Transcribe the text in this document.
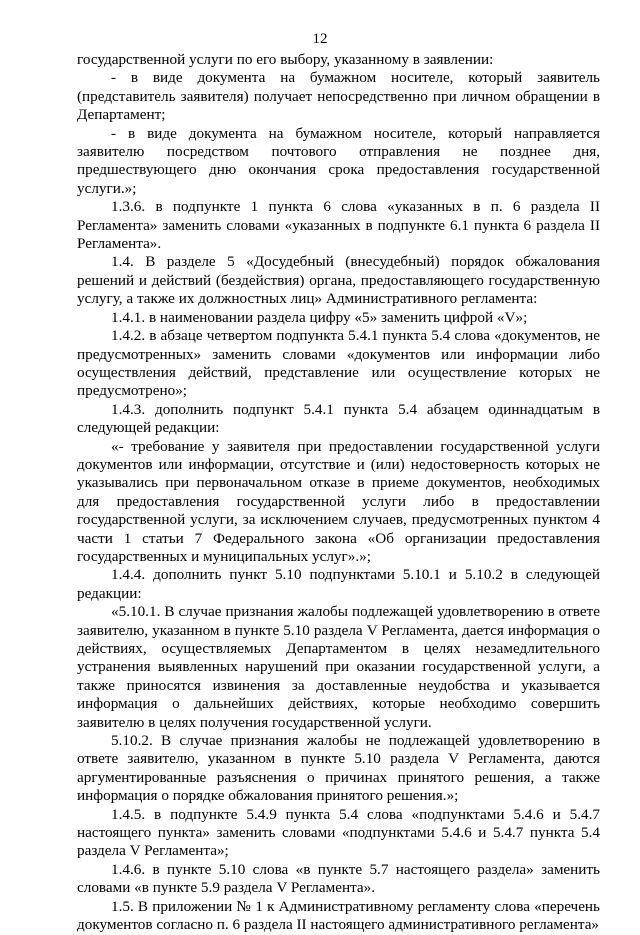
12

государственной услуги по его выбору, указанному в заявлении:

- в виде документа на бумажном носителе, который заявитель (представитель заявителя) получает непосредственно при личном обращении в Департамент;

- в виде документа на бумажном носителе, который направляется заявителю посредством почтового отправления не позднее дня, предшествующего дню окончания срока предоставления государственной услуги.»;

1.3.6. в подпункте 1 пункта 6 слова «указанных в п. 6 раздела II Регламента» заменить словами «указанных в подпункте 6.1 пункта 6 раздела II Регламента».

1.4. В разделе 5 «Досудебный (внесудебный) порядок обжалования решений и действий (бездействия) органа, предоставляющего государственную услугу, а также их должностных лиц» Административного регламента:

1.4.1. в наименовании раздела цифру «5» заменить цифрой «V»;

1.4.2. в абзаце четвертом подпункта 5.4.1 пункта 5.4 слова «документов, не предусмотренных» заменить словами «документов или информации либо осуществления действий, представление или осуществление которых не предусмотрено»;

1.4.3. дополнить подпункт 5.4.1 пункта 5.4 абзацем одиннадцатым в следующей редакции:

«- требование у заявителя при предоставлении государственной услуги документов или информации, отсутствие и (или) недостоверность которых не указывались при первоначальном отказе в приеме документов, необходимых для предоставления государственной услуги либо в предоставлении государственной услуги, за исключением случаев, предусмотренных пунктом 4 части 1 статьи 7 Федерального закона «Об организации предоставления государственных и муниципальных услуг».»;

1.4.4. дополнить пункт 5.10 подпунктами 5.10.1 и 5.10.2 в следующей редакции:

«5.10.1. В случае признания жалобы подлежащей удовлетворению в ответе заявителю, указанном в пункте 5.10 раздела V Регламента, дается информация о действиях, осуществляемых Департаментом в целях незамедлительного устранения выявленных нарушений при оказании государственной услуги, а также приносятся извинения за доставленные неудобства и указывается информация о дальнейших действиях, которые необходимо совершить заявителю в целях получения государственной услуги.

5.10.2. В случае признания жалобы не подлежащей удовлетворению в ответе заявителю, указанном в пункте 5.10 раздела V Регламента, даются аргументированные разъяснения о причинах принятого решения, а также информация о порядке обжалования принятого решения.»;

1.4.5. в подпункте 5.4.9 пункта 5.4 слова «подпунктами 5.4.6 и 5.4.7 настоящего пункта» заменить словами «подпунктами 5.4.6 и 5.4.7 пункта 5.4 раздела V Регламента»;

1.4.6. в пункте 5.10 слова «в пункте 5.7 настоящего раздела» заменить словами «в пункте 5.9 раздела V Регламента».

1.5. В приложении № 1 к Административному регламенту слова «перечень документов согласно п. 6 раздела II настоящего административного регламента»
